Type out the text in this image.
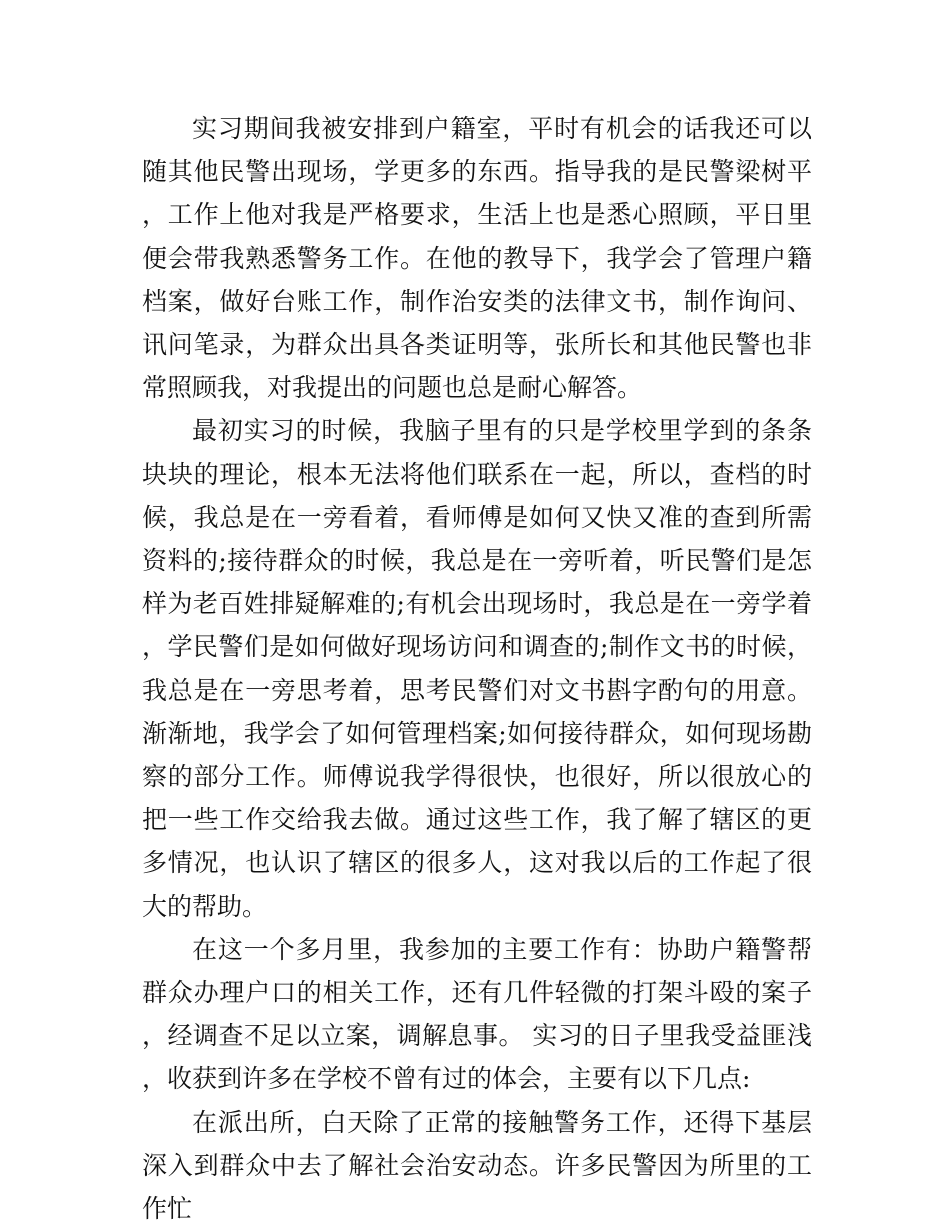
实习期间我被安排到户籍室，平时有机会的话我还可以随其他民警出现场，学更多的东西。指导我的是民警梁树平，工作上他对我是严格要求，生活上也是悉心照顾，平日里便会带我熟悉警务工作。在他的教导下，我学会了管理户籍档案，做好台账工作，制作治安类的法律文书，制作询问、讯问笔录，为群众出具各类证明等，张所长和其他民警也非常照顾我，对我提出的问题也总是耐心解答。

最初实习的时候，我脑子里有的只是学校里学到的条条块块的理论，根本无法将他们联系在一起，所以，查档的时候，我总是在一旁看着，看师傅是如何又快又准的查到所需资料的;接待群众的时候，我总是在一旁听着，听民警们是怎样为老百姓排疑解难的;有机会出现场时，我总是在一旁学着，学民警们是如何做好现场访问和调查的;制作文书的时候，我总是在一旁思考着，思考民警们对文书斟字酌句的用意。渐渐地，我学会了如何管理档案;如何接待群众，如何现场勘察的部分工作。师傅说我学得很快，也很好，所以很放心的把一些工作交给我去做。通过这些工作，我了解了辖区的更多情况，也认识了辖区的很多人，这对我以后的工作起了很大的帮助。

在这一个多月里，我参加的主要工作有：协助户籍警帮群众办理户口的相关工作，还有几件轻微的打架斗殴的案子，经调查不足以立案，调解息事。 实习的日子里我受益匪浅，收获到许多在学校不曾有过的体会，主要有以下几点:

在派出所，白天除了正常的接触警务工作，还得下基层深入到群众中去了解社会治安动态。许多民警因为所里的工作忙
